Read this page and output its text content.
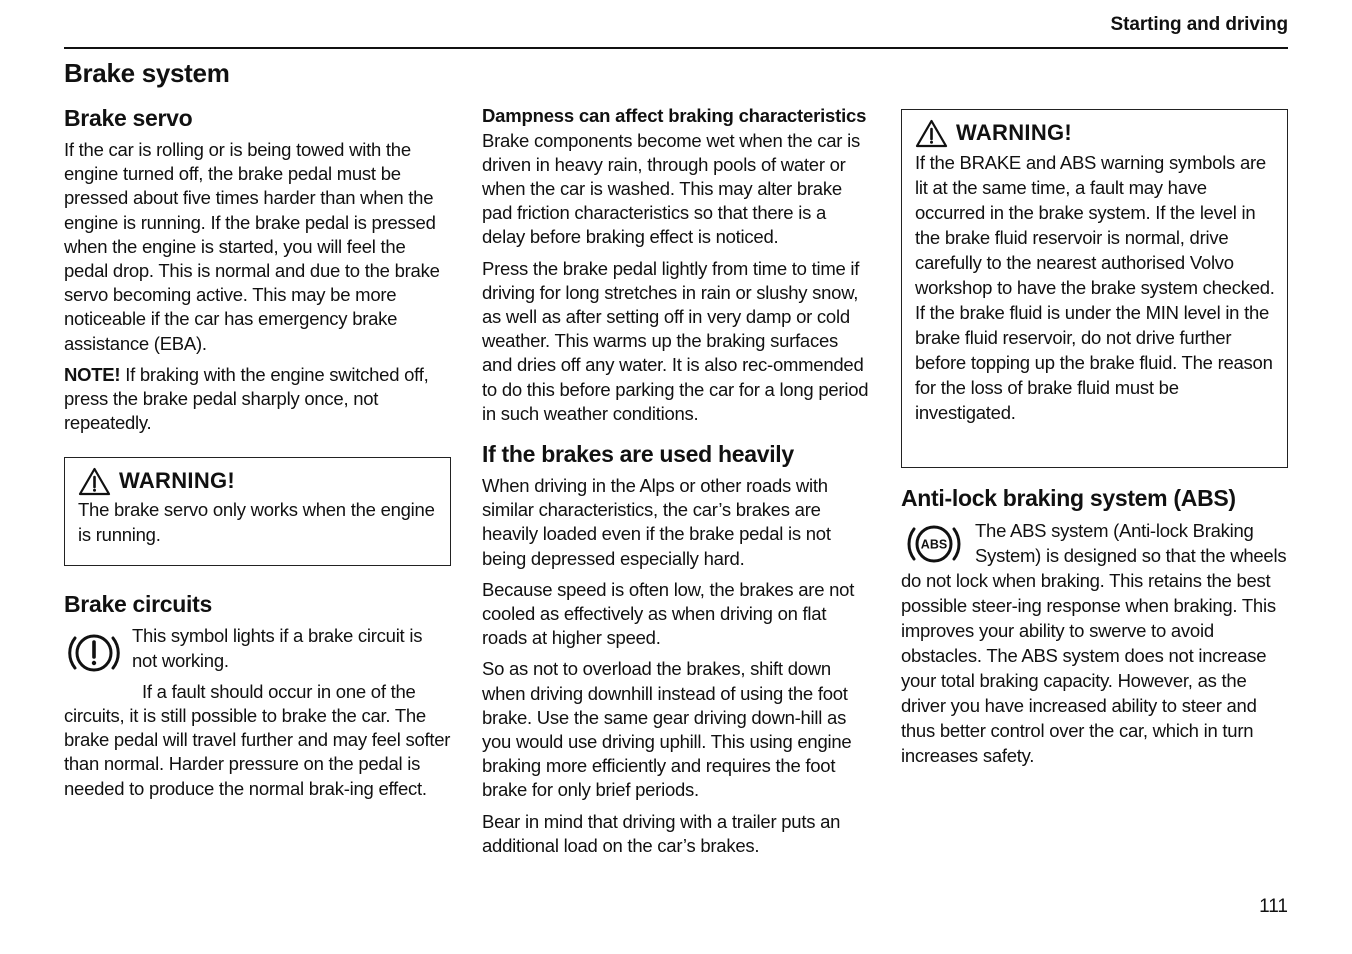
Starting and driving
Brake system
Brake servo

If the car is rolling or is being towed with the engine turned off, the brake pedal must be pressed about five times harder than when the engine is running. If the brake pedal is pressed when the engine is started, you will feel the pedal drop. This is normal and due to the brake servo becoming active. This may be more noticeable if the car has emergency brake assistance (EBA).

NOTE! If braking with the engine switched off, press the brake pedal sharply once, not repeatedly.

WARNING!

The brake servo only works when the engine is running.

Brake circuits

This symbol lights if a brake circuit is not working.

If a fault should occur in one of the circuits, it is still possible to brake the car. The brake pedal will travel further and may feel softer than normal. Harder pressure on the pedal is needed to produce the normal brak-ing effect.

Dampness can affect braking characteristics

Brake components become wet when the car is driven in heavy rain, through pools of water or when the car is washed. This may alter brake pad friction characteristics so that there is a delay before braking effect is noticed.

Press the brake pedal lightly from time to time if driving for long stretches in rain or slushy snow, as well as after setting off in very damp or cold weather. This warms up the braking surfaces and dries off any water. It is also rec-ommended to do this before parking the car for a long period in such weather conditions.

If the brakes are used heavily

When driving in the Alps or other roads with similar characteristics, the car’s brakes are heavily loaded even if the brake pedal is not being depressed especially hard.

Because speed is often low, the brakes are not cooled as effectively as when driving on flat roads at higher speed.

So as not to overload the brakes, shift down when driving downhill instead of using the foot brake. Use the same gear driving down-hill as you would use driving uphill. This using engine braking more efficiently and requires the foot brake for only brief periods.

Bear in mind that driving with a trailer puts an additional load on the car’s brakes.

WARNING!

If the BRAKE and ABS warning symbols are lit at the same time, a fault may have occurred in the brake system. If the level in the brake fluid reservoir is normal, drive carefully to the nearest authorised Volvo workshop to have the brake system checked.

If the brake fluid is under the MIN level in the brake fluid reservoir, do not drive further before topping up the brake fluid. The reason for the loss of brake fluid must be investigated.

Anti-lock braking system (ABS)
ABS

The ABS system (Anti-lock Braking System) is designed so that the wheels do not lock when braking. This retains the best possible steer-ing response when braking. This improves your ability to swerve to avoid obstacles. The ABS system does not increase your total braking capacity. However, as the driver you have increased ability to steer and thus better control over the car, which in turn increases safety.

111
